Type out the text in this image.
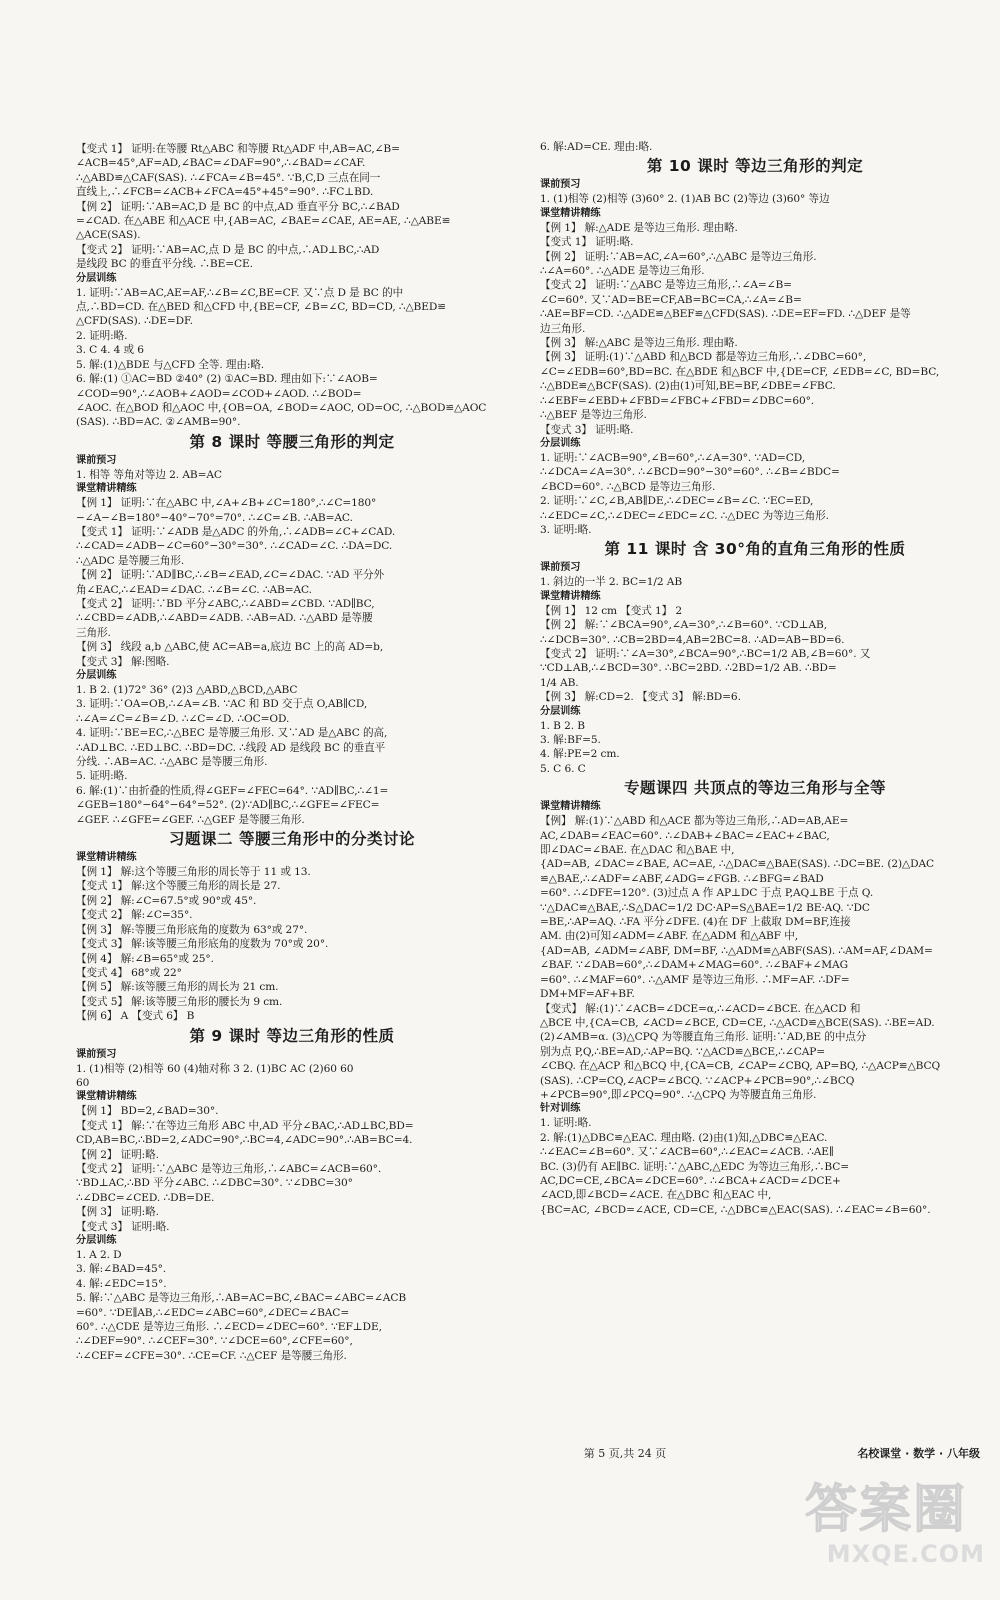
【变式 1】 证明:在等腰 Rt△ABC 和等腰 Rt△ADF 中,AB=AC,∠B=
∠ACB=45°,AF=AD,∠BAC=∠DAF=90°,∴∠BAD=∠CAF.
∴△ABD≌△CAF(SAS). ∴∠FCA=∠B=45°. ∵B,C,D 三点在同一
直线上,∴∠FCB=∠ACB+∠FCA=45°+45°=90°. ∴FC⊥BD.
【例 2】 证明:∵AB=AC,D 是 BC 的中点,AD 垂直平分 BC,∴∠BAD
=∠CAD. 在△ABE 和△ACE 中,{AB=AC, ∠BAE=∠CAE, AE=AE, ∴△ABE≌
△ACE(SAS).
【变式 2】 证明:∵AB=AC,点 D 是 BC 的中点,∴AD⊥BC,∴AD
是线段 BC 的垂直平分线. ∴BE=CE.
分层训练
1. 证明:∵AB=AC,AE=AF,∴∠B=∠C,BE=CF. 又∵点 D 是 BC 的中
点,∴BD=CD. 在△BED 和△CFD 中,{BE=CF, ∠B=∠C, BD=CD, ∴△BED≌
△CFD(SAS). ∴DE=DF.
2. 证明:略.
3. C 4. 4 或 6
5. 解:(1)△BDE 与△CFD 全等. 理由:略.
6. 解:(1) ①AC=BD ②40° (2) ①AC=BD. 理由如下:∵∠AOB=
∠COD=90°,∴∠AOB+∠AOD=∠COD+∠AOD. ∴∠BOD=
∠AOC. 在△BOD 和△AOC 中,{OB=OA, ∠BOD=∠AOC, OD=OC, ∴△BOD≌△AOC
(SAS). ∴BD=AC. ②∠AMB=90°.
第 8 课时 等腰三角形的判定
课前预习
1. 相等 等角对等边 2. AB=AC
课堂精讲精练
【例 1】 证明:∵在△ABC 中,∠A+∠B+∠C=180°,∴∠C=180°
−∠A−∠B=180°−40°−70°=70°. ∴∠C=∠B. ∴AB=AC.
【变式 1】 证明:∵∠ADB 是△ADC 的外角,∴∠ADB=∠C+∠CAD.
∴∠CAD=∠ADB−∠C=60°−30°=30°. ∴∠CAD=∠C. ∴DA=DC.
∴△ADC 是等腰三角形.
【例 2】 证明:∵AD∥BC,∴∠B=∠EAD,∠C=∠DAC. ∵AD 平分外
角∠EAC,∴∠EAD=∠DAC. ∴∠B=∠C. ∴AB=AC.
【变式 2】 证明:∵BD 平分∠ABC,∴∠ABD=∠CBD. ∵AD∥BC,
∴∠CBD=∠ADB,∴∠ABD=∠ADB. ∴AB=AD. ∴△ABD 是等腰
三角形.
【例 3】 线段 a,b △ABC,使 AC=AB=a,底边 BC 上的高 AD=b,
【变式 3】 解:图略.
分层训练
1. B 2. (1)72° 36° (2)3 △ABD,△BCD,△ABC
3. 证明:∵OA=OB,∴∠A=∠B. ∵AC 和 BD 交于点 O,AB∥CD,
∴∠A=∠C=∠B=∠D. ∴∠C=∠D. ∴OC=OD.
4. 证明:∵BE=EC,∴△BEC 是等腰三角形. 又∵AD 是△ABC 的高,
∴AD⊥BC. ∴ED⊥BC. ∴BD=DC. ∴线段 AD 是线段 BC 的垂直平
分线. ∴AB=AC. ∴△ABC 是等腰三角形.
5. 证明:略.
6. 解:(1)∵由折叠的性质,得∠GEF=∠FEC=64°. ∵AD∥BC,∴∠1=
∠GEB=180°−64°−64°=52°. (2)∵AD∥BC,∴∠GFE=∠FEC=
∠GEF. ∴∠GFE=∠GEF. ∴△GEF 是等腰三角形.
习题课二 等腰三角形中的分类讨论
课堂精讲精练
【例 1】 解:这个等腰三角形的周长等于 11 或 13.
【变式 1】 解:这个等腰三角形的周长是 27.
【例 2】 解:∠C=67.5°或 90°或 45°.
【变式 2】 解:∠C=35°.
【例 3】 解:等腰三角形底角的度数为 63°或 27°.
【变式 3】 解:该等腰三角形底角的度数为 70°或 20°.
【例 4】 解:∠B=65°或 25°.
【变式 4】 68°或 22°
【例 5】 解:该等腰三角形的周长为 21 cm.
【变式 5】 解:该等腰三角形的腰长为 9 cm.
【例 6】 A 【变式 6】 B
第 9 课时 等边三角形的性质
课前预习
1. (1)相等 (2)相等 60 (4)轴对称 3 2. (1)BC AC (2)60 60
60
课堂精讲精练
【例 1】 BD=2,∠BAD=30°.
【变式 1】 解:∵在等边三角形 ABC 中,AD 平分∠BAC,∴AD⊥BC,BD=
CD,AB=BC,∴BD=2,∠ADC=90°,∴BC=4,∠ADC=90°.∴AB=BC=4.
【例 2】 证明:略.
【变式 2】 证明:∵△ABC 是等边三角形,∴∠ABC=∠ACB=60°.
∵BD⊥AC,∴BD 平分∠ABC. ∴∠DBC=30°. ∵∠DBC=30°
∴∠DBC=∠CED. ∴DB=DE.
【例 3】 证明:略.
【变式 3】 证明:略.
分层训练
1. A 2. D
3. 解:∠BAD=45°.
4. 解:∠EDC=15°.
5. 解:∵△ABC 是等边三角形,∴AB=AC=BC,∠BAC=∠ABC=∠ACB
=60°. ∵DE∥AB,∴∠EDC=∠ABC=60°,∠DEC=∠BAC=
60°. ∴△CDE 是等边三角形. ∴∠ECD=∠DEC=60°. ∵EF⊥DE,
∴∠DEF=90°. ∴∠CEF=30°. ∵∠DCE=60°,∠CFE=60°,
∴∠CEF=∠CFE=30°. ∴CE=CF. ∴△CEF 是等腰三角形.
6. 解:AD=CE. 理由:略.
第 10 课时 等边三角形的判定
课前预习
1. (1)相等 (2)相等 (3)60° 2. (1)AB BC (2)等边 (3)60° 等边
课堂精讲精练
【例 1】 解:△ADE 是等边三角形. 理由略.
【变式 1】 证明:略.
【例 2】 证明:∵AB=AC,∠A=60°,∴△ABC 是等边三角形.
∴∠A=60°. ∴△ADE 是等边三角形.
【变式 2】 证明:∵△ABC 是等边三角形,∴∠A=∠B=
∠C=60°. 又∵AD=BE=CF,AB=BC=CA,∴∠A=∠B=
∴AE=BF=CD. ∴△ADE≌△BEF≌△CFD(SAS). ∴DE=EF=FD. ∴△DEF 是等
边三角形.
【例 3】 解:△ABC 是等边三角形. 理由略.
【例 3】 证明:(1)∵△ABD 和△BCD 都是等边三角形,∴∠DBC=60°,
∠C=∠EDB=60°,BD=BC. 在△BDE 和△BCF 中,{DE=CF, ∠EDB=∠C, BD=BC,
∴△BDE≌△BCF(SAS). (2)由(1)可知,BE=BF,∠DBE=∠FBC.
∴∠EBF=∠EBD+∠FBD=∠FBC+∠FBD=∠DBC=60°.
∴△BEF 是等边三角形.
【变式 3】 证明:略.
分层训练
1. 证明:∵∠ACB=90°,∠B=60°,∴∠A=30°. ∵AD=CD,
∴∠DCA=∠A=30°. ∴∠BCD=90°−30°=60°. ∴∠B=∠BDC=
∠BCD=60°. ∴△BCD 是等边三角形.
2. 证明:∵∠C,∠B,AB∥DE,∴∠DEC=∠B=∠C. ∵EC=ED,
∴∠EDC=∠C,∴∠DEC=∠EDC=∠C. ∴△DEC 为等边三角形.
3. 证明:略.
第 11 课时 含 30°角的直角三角形的性质
课前预习
1. 斜边的一半 2. BC=1/2 AB
课堂精讲精练
【例 1】 12 cm 【变式 1】 2
【例 2】 解:∵∠BCA=90°,∠A=30°,∴∠B=60°. ∵CD⊥AB,
∴∠DCB=30°. ∴CB=2BD=4,AB=2BC=8. ∴AD=AB−BD=6.
【变式 2】 证明:∵∠A=30°,∠BCA=90°,∴BC=1/2 AB,∠B=60°. 又
∵CD⊥AB,∴∠BCD=30°. ∴BC=2BD. ∴2BD=1/2 AB. ∴BD=
1/4 AB.
【例 3】 解:CD=2. 【变式 3】 解:BD=6.
分层训练
1. B 2. B
3. 解:BF=5.
4. 解:PE=2 cm.
5. C 6. C
专题课四 共顶点的等边三角形与全等
课堂精讲精练
【例】 解:(1)∵△ABD 和△ACE 都为等边三角形,∴AD=AB,AE=
AC,∠DAB=∠EAC=60°. ∴∠DAB+∠BAC=∠EAC+∠BAC,
即∠DAC=∠BAE. 在△DAC 和△BAE 中,
{AD=AB, ∠DAC=∠BAE, AC=AE, ∴△DAC≌△BAE(SAS). ∴DC=BE. (2)△DAC
≌△BAE,∴∠ADF=∠ABF,∠ADG=∠FGB. ∴∠BFG=∠BAD
=60°. ∴∠DFE=120°. (3)过点 A 作 AP⊥DC 于点 P,AQ⊥BE 于点 Q.
∵△DAC≌△BAE,∴S△DAC=1/2 DC·AP=S△BAE=1/2 BE·AQ. ∵DC
=BE,∴AP=AQ. ∴FA 平分∠DFE. (4)在 DF 上截取 DM=BF,连接
AM. 由(2)可知∠ADM=∠ABF. 在△ADM 和△ABF 中,
{AD=AB, ∠ADM=∠ABF, DM=BF, ∴△ADM≌△ABF(SAS). ∴AM=AF,∠DAM=
∠BAF. ∵∠DAB=60°,∴∠DAM+∠MAG=60°. ∴∠BAF+∠MAG
=60°. ∴∠MAF=60°. ∴△AMF 是等边三角形. ∴MF=AF. ∴DF=
DM+MF=AF+BF.
【变式】 解:(1)∵∠ACB=∠DCE=α,∴∠ACD=∠BCE. 在△ACD 和
△BCE 中,{CA=CB, ∠ACD=∠BCE, CD=CE, ∴△ACD≌△BCE(SAS). ∴BE=AD.
(2)∠AMB=α. (3)△CPQ 为等腰直角三角形. 证明:∵AD,BE 的中点分
别为点 P,Q,∴BE=AD,∴AP=BQ. ∵△ACD≌△BCE,∴∠CAP=
∠CBQ. 在△ACP 和△BCQ 中,{CA=CB, ∠CAP=∠CBQ, AP=BQ, ∴△ACP≌△BCQ
(SAS). ∴CP=CQ,∠ACP=∠BCQ. ∵∠ACP+∠PCB=90°,∴∠BCQ
+∠PCB=90°,即∠PCQ=90°. ∴△CPQ 为等腰直角三角形.
针对训练
1. 证明:略.
2. 解:(1)△DBC≌△EAC. 理由略. (2)由(1)知,△DBC≌△EAC.
∴∠EAC=∠B=60°. 又∵∠ACB=60°,∴∠EAC=∠ACB. ∴AE∥
BC. (3)仍有 AE∥BC. 证明:∵△ABC,△EDC 为等边三角形,∴BC=
AC,DC=CE,∠BCA=∠DCE=60°. ∴∠BCA+∠ACD=∠DCE+
∠ACD,即∠BCD=∠ACE. 在△DBC 和△EAC 中,
{BC=AC, ∠BCD=∠ACE, CD=CE, ∴△DBC≌△EAC(SAS). ∴∠EAC=∠B=60°.
第 5 页,共 24 页	名校课堂 · 数学 · 八年级
答案圈
MXQE.COM
